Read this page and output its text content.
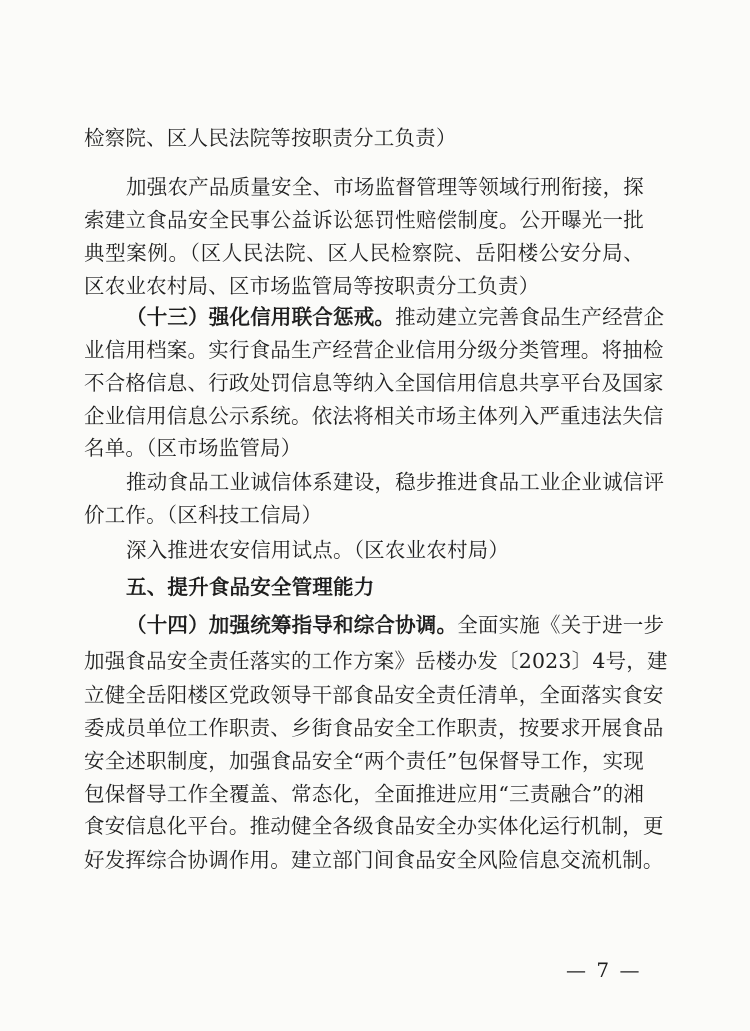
检察院、区人民法院等按职责分工负责）
加强农产品质量安全、市场监督管理等领域行刑衔接，探
索建立食品安全民事公益诉讼惩罚性赔偿制度。公开曝光一批
典型案例。（区人民法院、区人民检察院、岳阳楼公安分局、
区农业农村局、区市场监管局等按职责分工负责）
（十三）强化信用联合惩戒。推动建立完善食品生产经营企
业信用档案。实行食品生产经营企业信用分级分类管理。将抽检
不合格信息、行政处罚信息等纳入全国信用信息共享平台及国家
企业信用信息公示系统。依法将相关市场主体列入严重违法失信
名单。（区市场监管局）
推动食品工业诚信体系建设，稳步推进食品工业企业诚信评
价工作。（区科技工信局）
深入推进农安信用试点。（区农业农村局）
五、提升食品安全管理能力
（十四）加强统筹指导和综合协调。全面实施《关于进一步
加强食品安全责任落实的工作方案》岳楼办发〔2023〕4号，建
立健全岳阳楼区党政领导干部食品安全责任清单，全面落实食安
委成员单位工作职责、乡街食品安全工作职责，按要求开展食品
安全述职制度，加强食品安全“两个责任”包保督导工作，实现
包保督导工作全覆盖、常态化，全面推进应用“三责融合”的湘
食安信息化平台。推动健全各级食品安全办实体化运行机制，更
好发挥综合协调作用。建立部门间食品安全风险信息交流机制。
— 7 —
